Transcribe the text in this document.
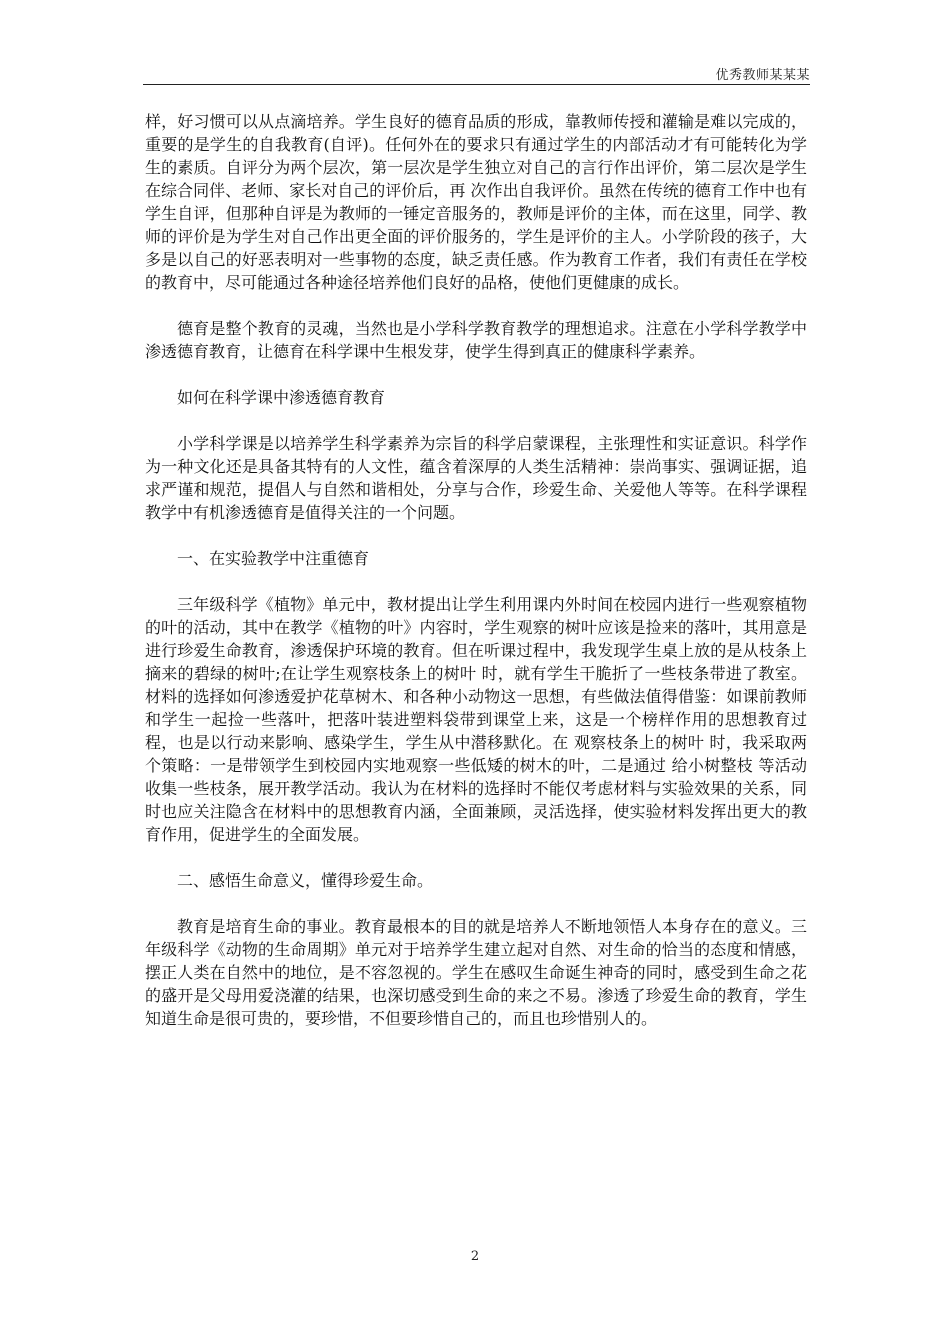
优秀教师某某某

样，好习惯可以从点滴培养。学生良好的德育品质的形成，靠教师传授和灌输是难以完成的，重要的是学生的自我教育(自评)。任何外在的要求只有通过学生的内部活动才有可能转化为学生的素质。自评分为两个层次，第一层次是学生独立对自己的言行作出评价，第二层次是学生在综合同伴、老师、家长对自己的评价后，再 次作出自我评价。虽然在传统的德育工作中也有学生自评，但那种自评是为教师的一锤定音服务的，教师是评价的主体，而在这里，同学、教师的评价是为学生对自己作出更全面的评价服务的，学生是评价的主人。小学阶段的孩子，大多是以自己的好恶表明对一些事物的态度，缺乏责任感。作为教育工作者，我们有责任在学校的教育中，尽可能通过各种途径培养他们良好的品格，使他们更健康的成长。

德育是整个教育的灵魂，当然也是小学科学教育教学的理想追求。注意在小学科学教学中渗透德育教育，让德育在科学课中生根发芽，使学生得到真正的健康科学素养。

如何在科学课中渗透德育教育

小学科学课是以培养学生科学素养为宗旨的科学启蒙课程，主张理性和实证意识。科学作为一种文化还是具备其特有的人文性，蕴含着深厚的人类生活精神：崇尚事实、强调证据，追求严谨和规范，提倡人与自然和谐相处，分享与合作，珍爱生命、关爱他人等等。在科学课程教学中有机渗透德育是值得关注的一个问题。

一、在实验教学中注重德育

三年级科学《植物》单元中，教材提出让学生利用课内外时间在校园内进行一些观察植物的叶的活动，其中在教学《植物的叶》内容时，学生观察的树叶应该是捡来的落叶，其用意是进行珍爱生命教育，渗透保护环境的教育。但在听课过程中，我发现学生桌上放的是从枝条上摘来的碧绿的树叶;在让学生观察枝条上的树叶 时，就有学生干脆折了一些枝条带进了教室。材料的选择如何渗透爱护花草树木、和各种小动物这一思想，有些做法值得借鉴：如课前教师和学生一起捡一些落叶，把落叶装进塑料袋带到课堂上来，这是一个榜样作用的思想教育过程，也是以行动来影响、感染学生，学生从中潜移默化。在 观察枝条上的树叶 时，我采取两个策略：一是带领学生到校园内实地观察一些低矮的树木的叶，二是通过 给小树整枝 等活动收集一些枝条，展开教学活动。我认为在材料的选择时不能仅考虑材料与实验效果的关系，同时也应关注隐含在材料中的思想教育内涵，全面兼顾，灵活选择，使实验材料发挥出更大的教育作用，促进学生的全面发展。

二、感悟生命意义，懂得珍爱生命。

教育是培育生命的事业。教育最根本的目的就是培养人不断地领悟人本身存在的意义。三年级科学《动物的生命周期》单元对于培养学生建立起对自然、对生命的恰当的态度和情感，摆正人类在自然中的地位，是不容忽视的。学生在感叹生命诞生神奇的同时，感受到生命之花的盛开是父母用爱浇灌的结果，也深切感受到生命的来之不易。渗透了珍爱生命的教育，学生知道生命是很可贵的，要珍惜，不但要珍惜自己的，而且也珍惜别人的。

2
